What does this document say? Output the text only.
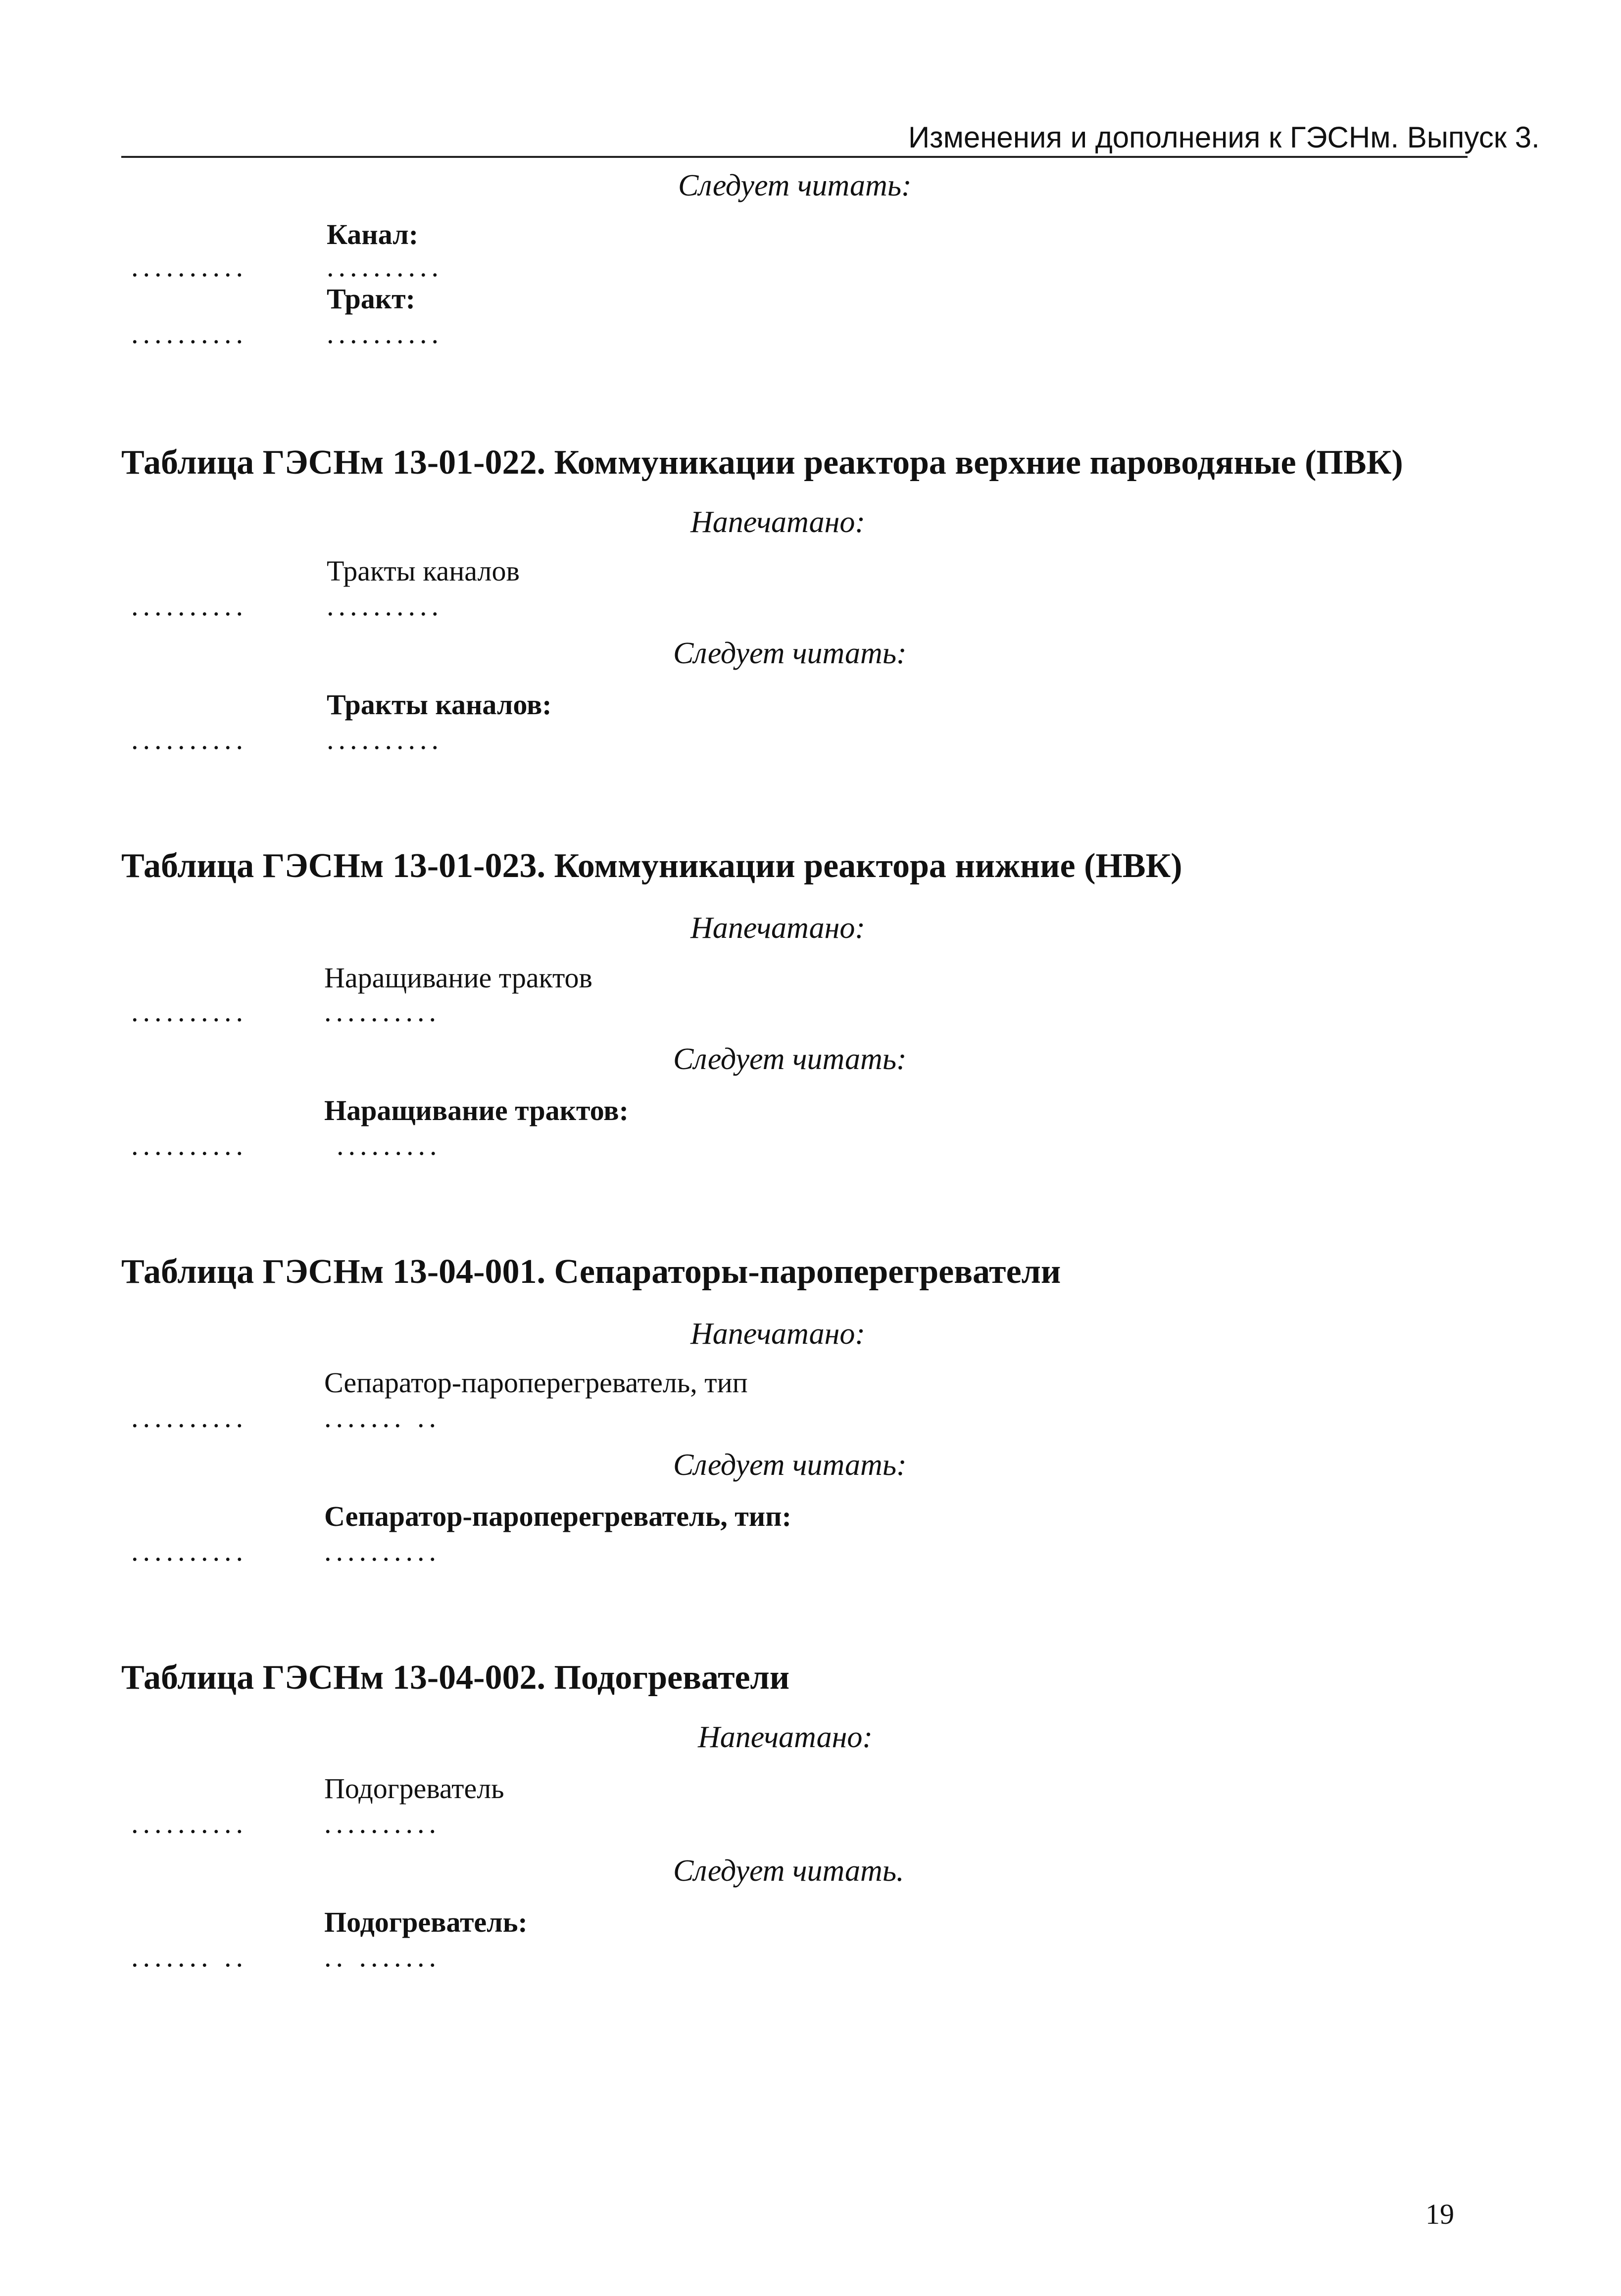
Изменения и дополнения к ГЭСНм. Выпуск 3.
Следует читать:
Канал:
..........	..........
Тракт:
..........	..........
Таблица ГЭСНм 13-01-022. Коммуникации реактора верхние пароводяные (ПВК)
Напечатано:
Тракты каналов
..........	..........
Следует читать:
Тракты каналов:
..........	..........
Таблица ГЭСНм 13-01-023. Коммуникации реактора нижние (НВК)
Напечатано:
Наращивание трактов
..........	..........
Следует читать:
Наращивание трактов:
..........	.........
Таблица ГЭСНм 13-04-001. Сепараторы-пароперегреватели
Напечатано:
Сепаратор-пароперегреватель, тип
..........	....... ..
Следует читать:
Сепаратор-пароперегреватель, тип:
..........	..........
Таблица ГЭСНм 13-04-002. Подогреватели
Напечатано:
Подогреватель
..........	..........
Следует читать.
Подогреватель:
....... ..	.. .......
19
